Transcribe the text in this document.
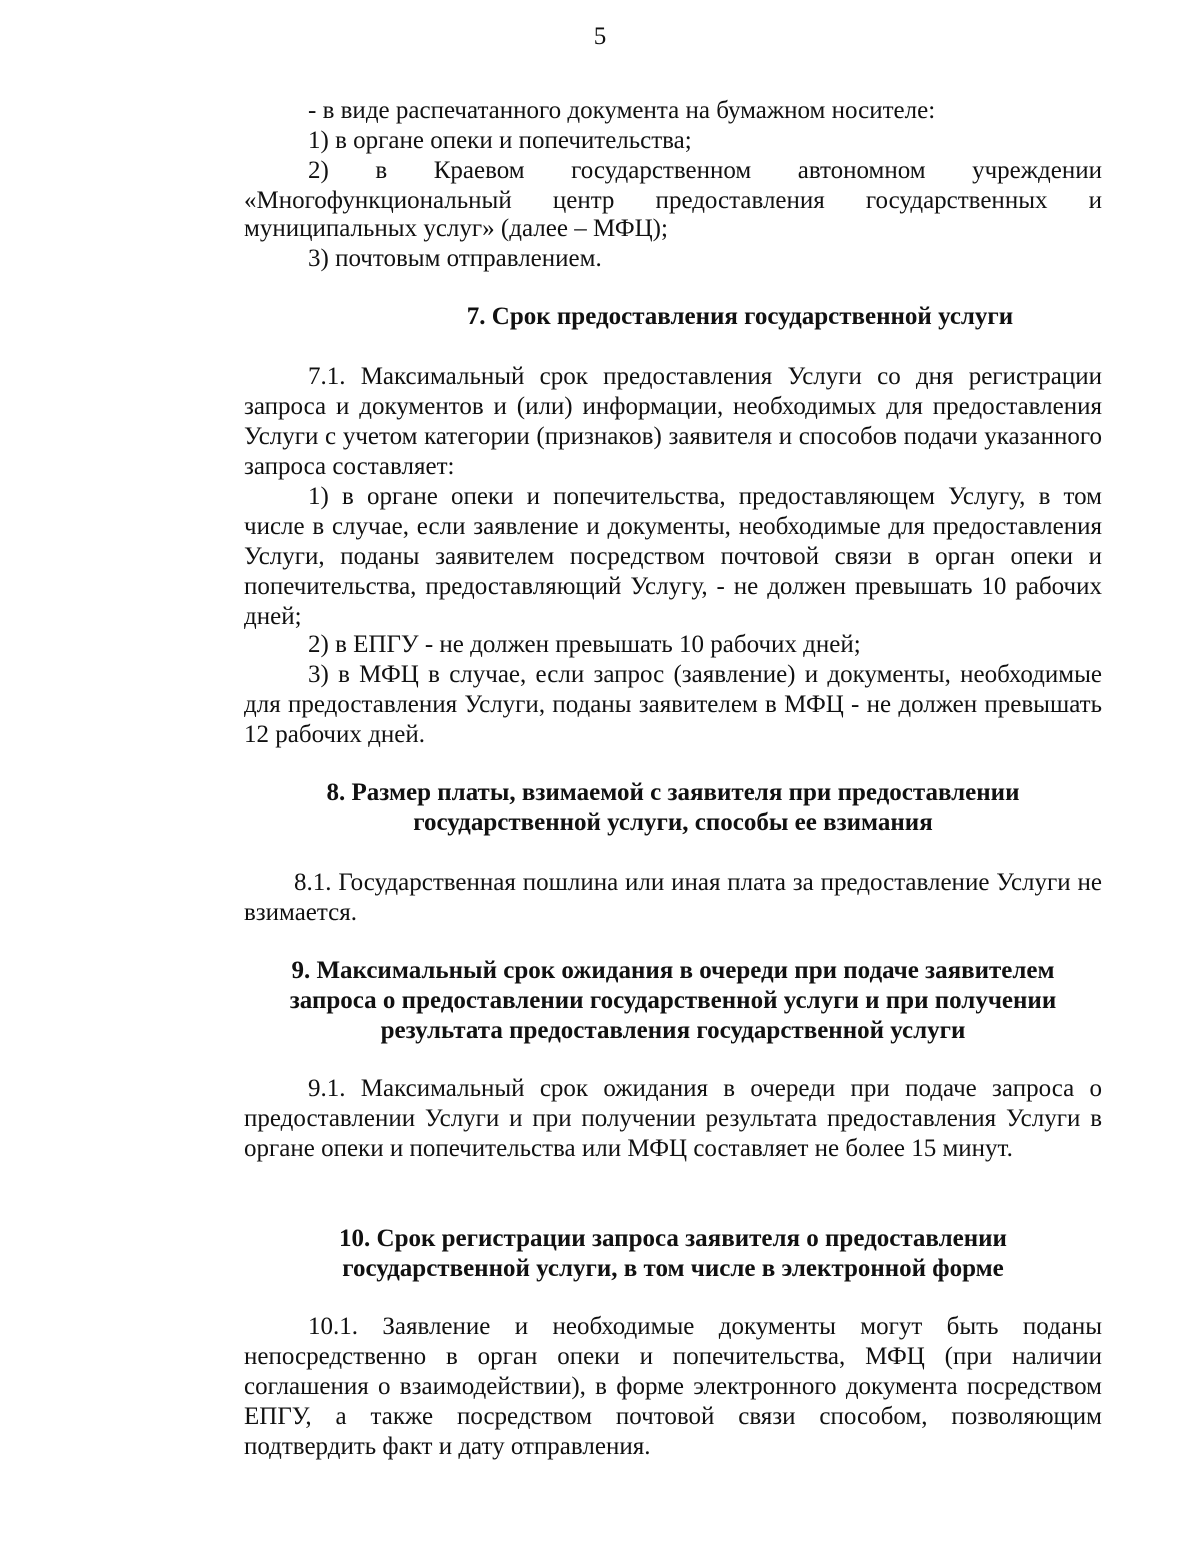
5

- в виде распечатанного документа на бумажном носителе:

1) в органе опеки и попечительства;

2) в Краевом государственном автономном учреждении

«Многофункциональный центр предоставления государственных и

муниципальных услуг» (далее – МФЦ);

3) почтовым отправлением.

7. Срок предоставления государственной услуги

7.1. Максимальный срок предоставления Услуги со дня регистрации запроса и документов и (или) информации, необходимых для предоставления Услуги с учетом категории (признаков) заявителя и способов подачи указанного запроса составляет:

1) в органе опеки и попечительства, предоставляющем Услугу, в том числе в случае, если заявление и документы, необходимые для предоставления Услуги, поданы заявителем посредством почтовой связи в орган опеки и попечительства, предоставляющий Услугу, - не должен превышать 10 рабочих дней;

2) в ЕПГУ - не должен превышать 10 рабочих дней;

3) в МФЦ в случае, если запрос (заявление) и документы, необходимые для предоставления Услуги, поданы заявителем в МФЦ - не должен превышать 12 рабочих дней.

8. Размер платы, взимаемой с заявителя при предоставлении
государственной услуги, способы ее взимания

8.1. Государственная пошлина или иная плата за предоставление Услуги не взимается.

9. Максимальный срок ожидания в очереди при подаче заявителем
запроса о предоставлении государственной услуги и при получении
результата предоставления государственной услуги

9.1. Максимальный срок ожидания в очереди при подаче запроса о предоставлении Услуги и при получении результата предоставления Услуги в органе опеки и попечительства или МФЦ составляет не более 15 минут.

10. Срок регистрации запроса заявителя о предоставлении
государственной услуги, в том числе в электронной форме

10.1. Заявление и необходимые документы могут быть поданы непосредственно в орган опеки и попечительства, МФЦ (при наличии соглашения о взаимодействии), в форме электронного документа посредством ЕПГУ, а также посредством почтовой связи способом, позволяющим подтвердить факт и дату отправления.
